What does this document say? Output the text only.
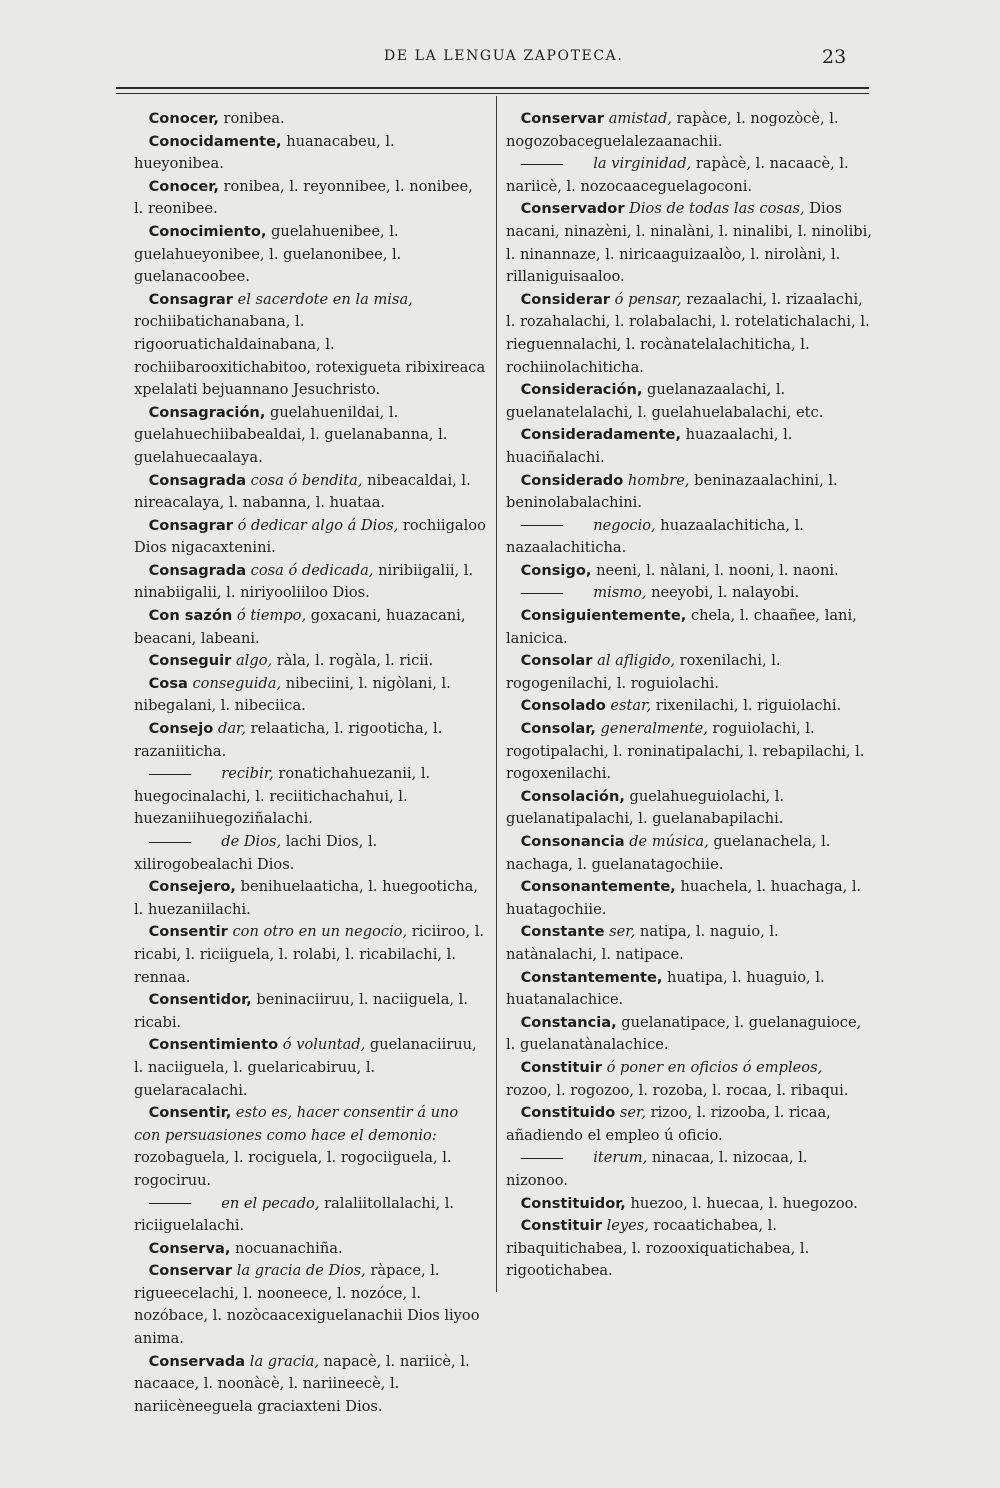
DE LA LENGUA ZAPOTECA.	23

Conocer, ronibea.

Conocidamente, huanacabeu, l. hueyonibea.

Conocer, ronibea, l. reyonnibee, l. nonibee, l. reonibee.

Conocimiento, guelahuenibee, l. guelahueyonibee, l. guelanonibee, l. guelanacoobee.

Consagrar el sacerdote en la misa, rochiibatichanabana, l. rigooruatichaldainabana, l. rochiibarooxitichabitoo, rotexigueta ribixireaca xpelalati bejuannano Jesuchristo.

Consagración, guelahuenildai, l. guelahuechiibabealdai, l. guelanabanna, l. guelahuecaalaya.

Consagrada cosa ó bendita, nibeacaldai, l. nireacalaya, l. nabanna, l. huataa.

Consagrar ó dedicar algo á Dios, rochiigaloo Dios nigacaxtenini.

Consagrada cosa ó dedicada, niribiigalii, l. ninabiigalii, l. niriyooliiloo Dios.

Con sazón ó tiempo, goxacani, huazacani, beacani, labeani.

Conseguir algo, ràla, l. rogàla, l. ricii.

Cosa conseguida, nibeciini, l. nigòlani, l. nibegalani, l. nibeciica.

Consejo dar, relaaticha, l. rigooticha, l. razaniiticha.

recibir, ronatichahuezanii, l. huegocinalachi, l. reciitichachahui, l. huezaniihuegoziñalachi.

de Dios, lachi Dios, l. xilirogobealachi Dios.

Consejero, benihuelaaticha, l. huegooticha, l. huezaniilachi.

Consentir con otro en un negocio, riciiroo, l. ricabi, l. riciiguela, l. rolabi, l. ricabilachi, l. rennaa.

Consentidor, beninaciiruu, l. naciiguela, l. ricabi.

Consentimiento ó voluntad, guelanaciiruu, l. naciiguela, l. guelaricabiruu, l. guelaracalachi.

Consentir, esto es, hacer consentir á uno con persuasiones como hace el demonio: rozobaguela, l. rociguela, l. rogociiguela, l. rogociruu.

en el pecado, ralaliitollalachi, l. riciiguelalachi.

Conserva, nocuanachiña.

Conservar la gracia de Dios, ràpace, l. rigueecelachi, l. nooneece, l. nozóce, l. nozóbace, l. nozòcaacexiguelanachii Dios liyoo anima.

Conservada la gracia, napacè, l. nariicè, l. nacaace, l. noonàcè, l. nariineecè, l. nariicèneeguela graciaxteni Dios.

Conservar amistad, rapàce, l. nogozòcè, l. nogozobaceguelalezaanachii.

la virginidad, rapàcè, l. nacaacè, l. nariicè, l. nozocaaceguelagoconi.

Conservador Dios de todas las cosas, Dios nacani, ninazèni, l. ninalàni, l. ninalibi, l. ninolibi, l. ninannaze, l. niricaaguizaalòo, l. nirolàni, l. rillaniguisaaloo.

Considerar ó pensar, rezaalachi, l. rizaalachi, l. rozahalachi, l. rolabalachi, l. rotelatichalachi, l. rieguennalachi, l. rocànatelalachiticha, l. rochiinolachiticha.

Consideración, guelanazaalachi, l. guelanatelalachi, l. guelahuelabalachi, etc.

Consideradamente, huazaalachi, l. huaciñalachi.

Considerado hombre, beninazaalachini, l. beninolabalachini.

negocio, huazaalachiticha, l. nazaalachiticha.

Consigo, neeni, l. nàlani, l. nooni, l. naoni.

mismo, neeyobi, l. nalayobi.

Consiguientemente, chela, l. chaañee, lani, lanicica.

Consolar al afligido, roxenilachi, l. rogogenilachi, l. roguiolachi.

Consolado estar, rixenilachi, l. riguiolachi.

Consolar, generalmente, roguiolachi, l. rogotipalachi, l. roninatipalachi, l. rebapilachi, l. rogoxenilachi.

Consolación, guelahueguiolachi, l. guelanatipalachi, l. guelanabapilachi.

Consonancia de música, guelanachela, l. nachaga, l. guelanatagochiie.

Consonantemente, huachela, l. huachaga, l. huatagochiie.

Constante ser, natipa, l. naguio, l. natànalachi, l. natipace.

Constantemente, huatipa, l. huaguio, l. huatanalachice.

Constancia, guelanatipace, l. guelanaguioce, l. guelanatànalachice.

Constituir ó poner en oficios ó empleos, rozoo, l. rogozoo, l. rozoba, l. rocaa, l. ribaqui.

Constituido ser, rizoo, l. rizooba, l. ricaa, añadiendo el empleo ú oficio.

iterum, ninacaa, l. nizocaa, l. nizonoo.

Constituidor, huezoo, l. huecaa, l. huegozoo.

Constituir leyes, rocaatichabea, l. ribaquitichabea, l. rozooxiquatichabea, l. rigootichabea.
